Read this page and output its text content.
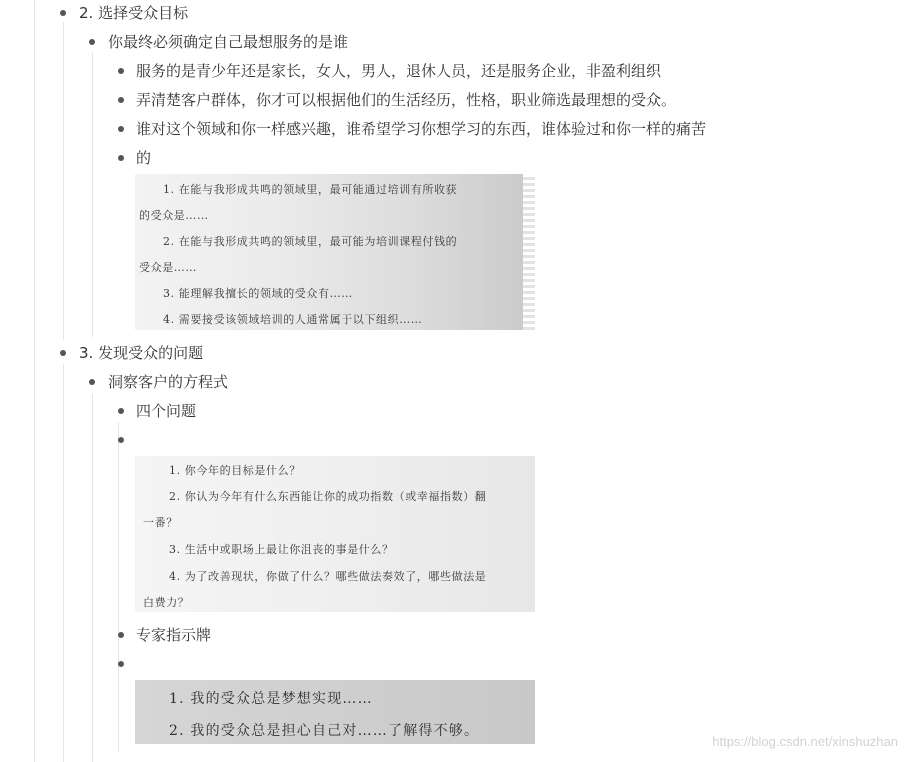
2. 选择受众目标
你最终必须确定自己最想服务的是谁
服务的是青少年还是家长，女人，男人，退休人员，还是服务企业，非盈利组织
弄清楚客户群体，你才可以根据他们的生活经历，性格，职业筛选最理想的受众。
谁对这个领域和你一样感兴趣，谁希望学习你想学习的东西，谁体验过和你一样的痛苦
的
1. 在能与我形成共鸣的领域里，最可能通过培训有所收获
的受众是……
2. 在能与我形成共鸣的领域里，最可能为培训课程付钱的
受众是……
3. 能理解我擅长的领域的受众有……
4. 需要接受该领域培训的人通常属于以下组织……
3. 发现受众的问题
洞察客户的方程式
四个问题
1. 你今年的目标是什么？
2. 你认为今年有什么东西能让你的成功指数（或幸福指数）翻
一番？
3. 生活中或职场上最让你沮丧的事是什么？
4. 为了改善现状，你做了什么？哪些做法奏效了，哪些做法是
白费力？
专家指示牌
1. 我的受众总是梦想实现……
2. 我的受众总是担心自己对……了解得不够。
https://blog.csdn.net/xinshuzhan
